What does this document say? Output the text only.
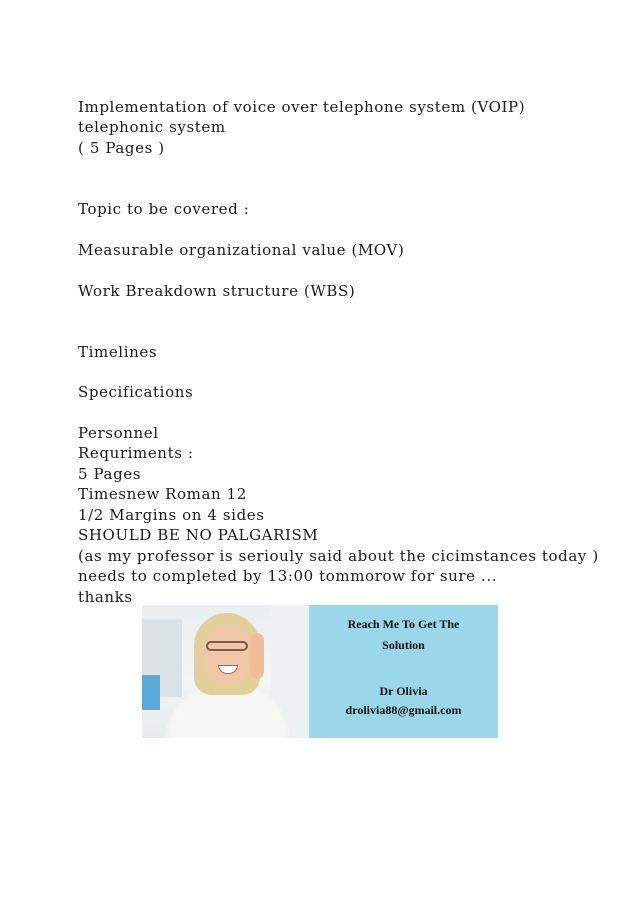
Implementation of voice over telephone system (VOIP)
telephonic system
( 5 Pages )
Topic to be covered :
Measurable organizational value (MOV)
Work Breakdown structure (WBS)
Timelines
Specifications
Personnel
Requriments :
5 Pages
Timesnew Roman 12
1/2 Margins on 4 sides
SHOULD BE NO PALGARISM
(as my professor is seriouly said about the cicimstances today )
needs to completed by 13:00 tommorow for sure ...
thanks
Reach Me To Get The
Solution
Dr Olivia
drolivia88@gmail.com
